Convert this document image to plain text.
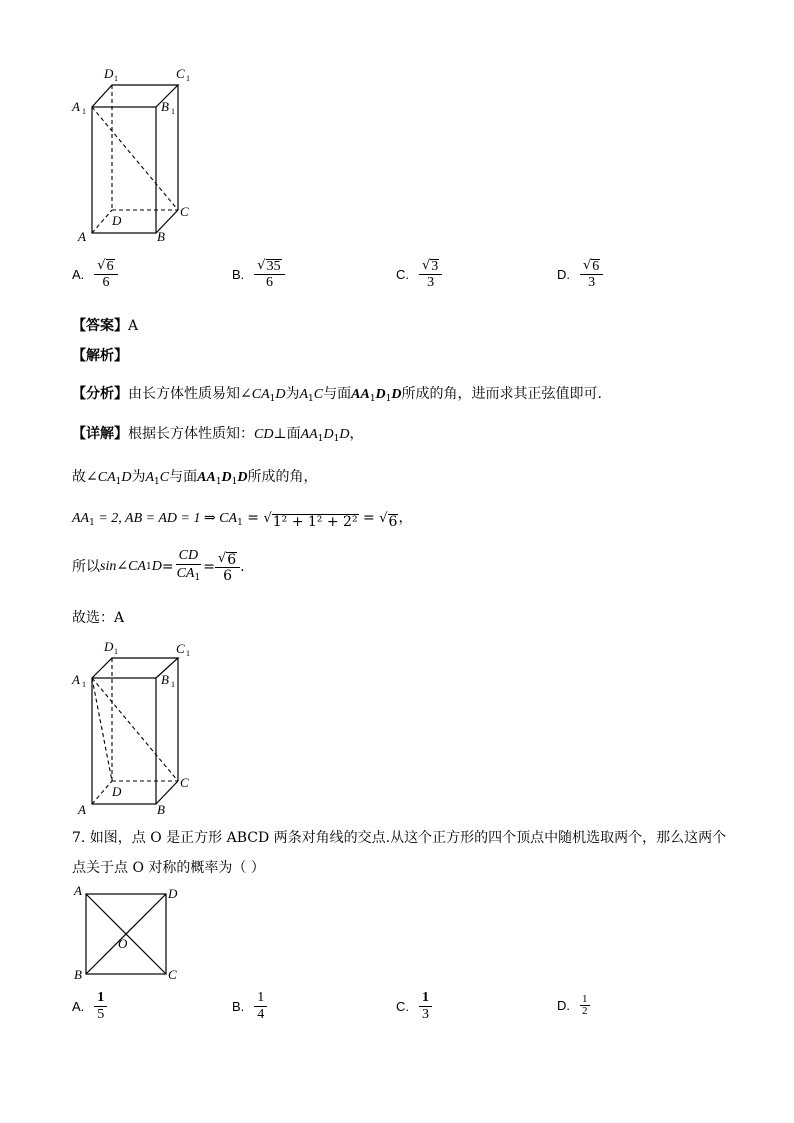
D 1	C 1
A 1	B 1
D
C
A	B
A. $\frac{√ 6}{6}$	B. $\frac{√ 35}{6}$	C. $\frac{√ 3}{3}$	D. $\frac{√ 6}{3}$
【答案】A
【解析】
【分析】由长方体性质易知$\angle CA_1D$为$A_1C$与面$AA_1D_1D$所成的角，进而求其正弦值即可.
【详解】根据长方体性质知：CD⊥面$AA_1D_1D$，
故$\angle CA_1D$为$A_1C$与面$AA_1D_1D$所成的角，
$AA_1 = 2$, AB = AD = 1 ⇒ $CA_1$ = √ 1² + 1² + 2² = √ 6 ，
所以 sin∠CA 1 $D = \frac{CD}{CA_1} = \frac{√ 6}{6}$ .
故选：A
D 1	C 1
A 1	B 1
D
C
A	B
7. 如图，点 O 是正方形 ABCD 两条对角线的交点.从这个正方形的四个顶点中随机选取两个，那么这两个
点关于点 O 对称的概率为（ ）
A	D
O
B	C
A. $\frac{1}{5}$	B. $\frac{1}{4}$	C. $\frac{1}{3}$	D. $\frac{1}{2}$
